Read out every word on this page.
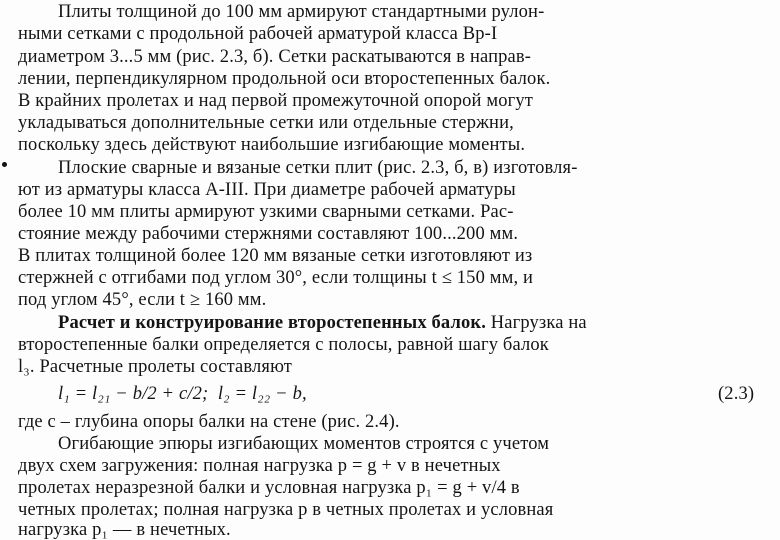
Плиты толщиной до 100 мм армируют стандартными рулон-
ными сетками с продольной рабочей арматурой класса Вр-I
диаметром 3...5 мм (рис. 2.3, б). Сетки раскатываются в направ-
лении, перпендикулярном продольной оси второстепенных балок.
В крайних пролетах и над первой промежуточной опорой могут
укладываться дополнительные сетки или отдельные стержни,
поскольку здесь действуют наибольшие изгибающие моменты.
Плоские сварные и вязаные сетки плит (рис. 2.3, б, в) изготовля-
ют из арматуры класса А-III. При диаметре рабочей арматуры
более 10 мм плиты армируют узкими сварными сетками. Рас-
стояние между рабочими стержнями составляют 100...200 мм.
В плитах толщиной более 120 мм вязаные сетки изготовляют из
стержней с отгибами под углом 30°, если толщины t ≤ 150 мм, и
под углом 45°, если t ≥ 160 мм.
Расчет и конструирование второстепенных балок. Нагрузка на
второстепенные балки определяется с полосы, равной шагу балок
l₃. Расчетные пролеты составляют
l₁ = l₂₁ − b/2 + c/2;  l₂ = l₂₂ − b,	(2.3)
где c – глубина опоры балки на стене (рис. 2.4).
Огибающие эпюры изгибающих моментов строятся с учетом
двух схем загружения: полная нагрузка p = g + v в нечетных
пролетах неразрезной балки и условная нагрузка p₁ = g + v/4 в
четных пролетах; полная нагрузка p в четных пролетах и условная
нагрузка p₁ — в нечетных.
